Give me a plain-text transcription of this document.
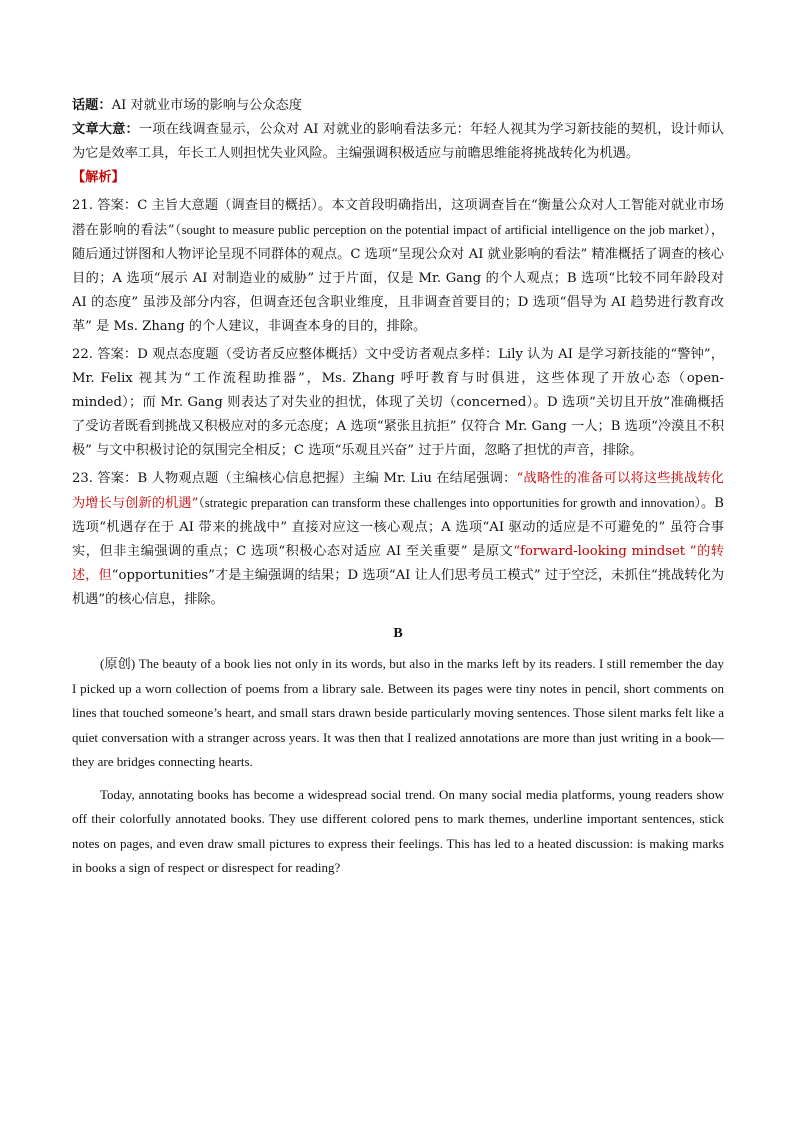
话题：AI 对就业市场的影响与公众态度

文章大意：一项在线调查显示，公众对 AI 对就业的影响看法多元：年轻人视其为学习新技能的契机，设计师认为它是效率工具，年长工人则担忧失业风险。主编强调积极适应与前瞻思维能将挑战转化为机遇。

【解析】

21. 答案：C 主旨大意题（调查目的概括）。本文首段明确指出，这项调查旨在“衡量公众对人工智能对就业市场潜在影响的看法”（sought to measure public perception on the potential impact of artificial intelligence on the job market），随后通过饼图和人物评论呈现不同群体的观点。C 选项“呈现公众对 AI 就业影响的看法” 精准概括了调查的核心目的；A 选项“展示 AI 对制造业的威胁” 过于片面，仅是 Mr. Gang 的个人观点；B 选项“比较不同年龄段对 AI 的态度” 虽涉及部分内容，但调查还包含职业维度，且非调查首要目的；D 选项“倡导为 AI 趋势进行教育改革” 是 Ms. Zhang 的个人建议，非调查本身的目的，排除。

22. 答案：D 观点态度题（受访者反应整体概括）文中受访者观点多样：Lily 认为 AI 是学习新技能的“警钟”，Mr. Felix 视其为“工作流程助推器”，Ms. Zhang 呼吁教育与时俱进，这些体现了开放心态（open-minded）；而 Mr. Gang 则表达了对失业的担忧，体现了关切（concerned）。D 选项“关切且开放”准确概括了受访者既看到挑战又积极应对的多元态度；A 选项“紧张且抗拒” 仅符合 Mr. Gang 一人；B 选项“冷漠且不积极” 与文中积极讨论的氛围完全相反；C 选项“乐观且兴奋” 过于片面，忽略了担忧的声音，排除。

23. 答案：B 人物观点题（主编核心信息把握）主编 Mr. Liu 在结尾强调：“战略性的准备可以将这些挑战转化为增长与创新的机遇”（strategic preparation can transform these challenges into opportunities for growth and innovation）。B 选项“机遇存在于 AI 带来的挑战中” 直接对应这一核心观点；A 选项“AI 驱动的适应是不可避免的” 虽符合事实，但非主编强调的重点；C 选项“积极心态对适应 AI 至关重要” 是原文“forward-looking mindset ”的转述，但“opportunities”才是主编强调的结果；D 选项“AI 让人们思考员工模式” 过于空泛，未抓住“挑战转化为机遇”的核心信息，排除。

B

(原创) The beauty of a book lies not only in its words, but also in the marks left by its readers. I still remember the day I picked up a worn collection of poems from a library sale. Between its pages were tiny notes in pencil, short comments on lines that touched someone’s heart, and small stars drawn beside particularly moving sentences. Those silent marks felt like a quiet conversation with a stranger across years. It was then that I realized annotations are more than just writing in a book—they are bridges connecting hearts.

Today, annotating books has become a widespread social trend. On many social media platforms, young readers show off their colorfully annotated books. They use different colored pens to mark themes, underline important sentences, stick notes on pages, and even draw small pictures to express their feelings. This has led to a heated discussion: is making marks in books a sign of respect or disrespect for reading?
